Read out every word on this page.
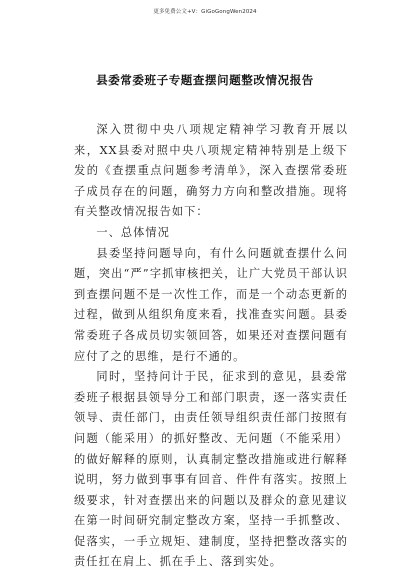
更多免费公文+V：GiGoGongWen2024
县委常委班子专题查摆问题整改情况报告

深入贯彻中央八项规定精神学习教育开展以来，XX县委对照中央八项规定精神特别是上级下发的《查摆重点问题参考清单》，深入查摆常委班子成员存在的问题，确努力方向和整改措施。现将有关整改情况报告如下：

一、总体情况

县委坚持问题导向，有什么问题就查摆什么问题，突出“严”字抓审核把关，让广大党员干部认识到查摆问题不是一次性工作，而是一个动态更新的过程，做到从组织角度来看，找准查实问题。县委常委班子各成员切实领回答，如果还对查摆问题有应付了之的思维，是行不通的。

同时，坚持问计于民，征求到的意见，县委常委班子根据县领导分工和部门职责，逐一落实责任领导、责任部门，由责任领导组织责任部门按照有问题（能采用）的抓好整改、无问题（不能采用）的做好解释的原则，认真制定整改措施或进行解释说明，努力做到事事有回音、件件有落实。按照上级要求，针对查摆出来的问题以及群众的意见建议在第一时间研究制定整改方案，坚持一手抓整改、促落实，一手立规矩、建制度，坚持把整改落实的责任扛在肩上、抓在手上、落到实处。
